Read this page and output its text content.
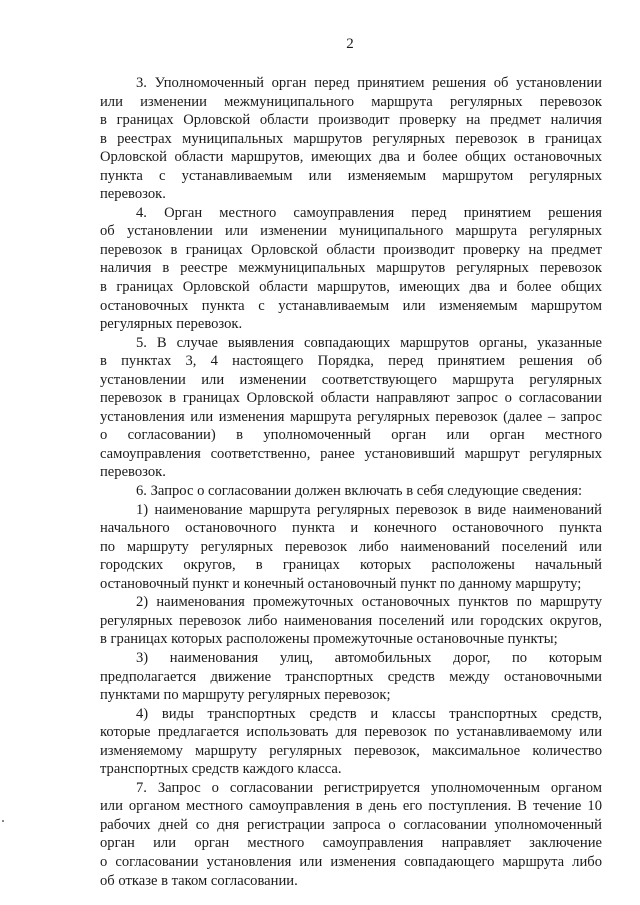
2
3. Уполномоченный орган перед принятием решения об установлении
или изменении межмуниципального маршрута регулярных перевозок
в границах Орловской области производит проверку на предмет наличия
в реестрах муниципальных маршрутов регулярных перевозок в границах
Орловской области маршрутов, имеющих два и более общих остановочных
пункта с устанавливаемым или изменяемым маршрутом регулярных
перевозок.
4. Орган местного самоуправления перед принятием решения
об установлении или изменении муниципального маршрута регулярных
перевозок в границах Орловской области производит проверку на предмет
наличия в реестре межмуниципальных маршрутов регулярных перевозок
в границах Орловской области маршрутов, имеющих два и более общих
остановочных пункта с устанавливаемым или изменяемым маршрутом
регулярных перевозок.
5. В случае выявления совпадающих маршрутов органы, указанные
в пунктах 3, 4 настоящего Порядка, перед принятием решения об
установлении или изменении соответствующего маршрута регулярных
перевозок в границах Орловской области направляют запрос о согласовании
установления или изменения маршрута регулярных перевозок (далее – запрос
о согласовании) в уполномоченный орган или орган местного
самоуправления соответственно, ранее установивший маршрут регулярных
перевозок.
6. Запрос о согласовании должен включать в себя следующие сведения:
1) наименование маршрута регулярных перевозок в виде наименований
начального остановочного пункта и конечного остановочного пункта
по маршруту регулярных перевозок либо наименований поселений или
городских округов, в границах которых расположены начальный
остановочный пункт и конечный остановочный пункт по данному маршруту;
2) наименования промежуточных остановочных пунктов по маршруту
регулярных перевозок либо наименования поселений или городских округов,
в границах которых расположены промежуточные остановочные пункты;
3) наименования улиц, автомобильных дорог, по которым
предполагается движение транспортных средств между остановочными
пунктами по маршруту регулярных перевозок;
4) виды транспортных средств и классы транспортных средств,
которые предлагается использовать для перевозок по устанавливаемому или
изменяемому маршруту регулярных перевозок, максимальное количество
транспортных средств каждого класса.
7. Запрос о согласовании регистрируется уполномоченным органом
или органом местного самоуправления в день его поступления. В течение 10
рабочих дней со дня регистрации запроса о согласовании уполномоченный
орган или орган местного самоуправления направляет заключение
о согласовании установления или изменения совпадающего маршрута либо
об отказе в таком согласовании.
